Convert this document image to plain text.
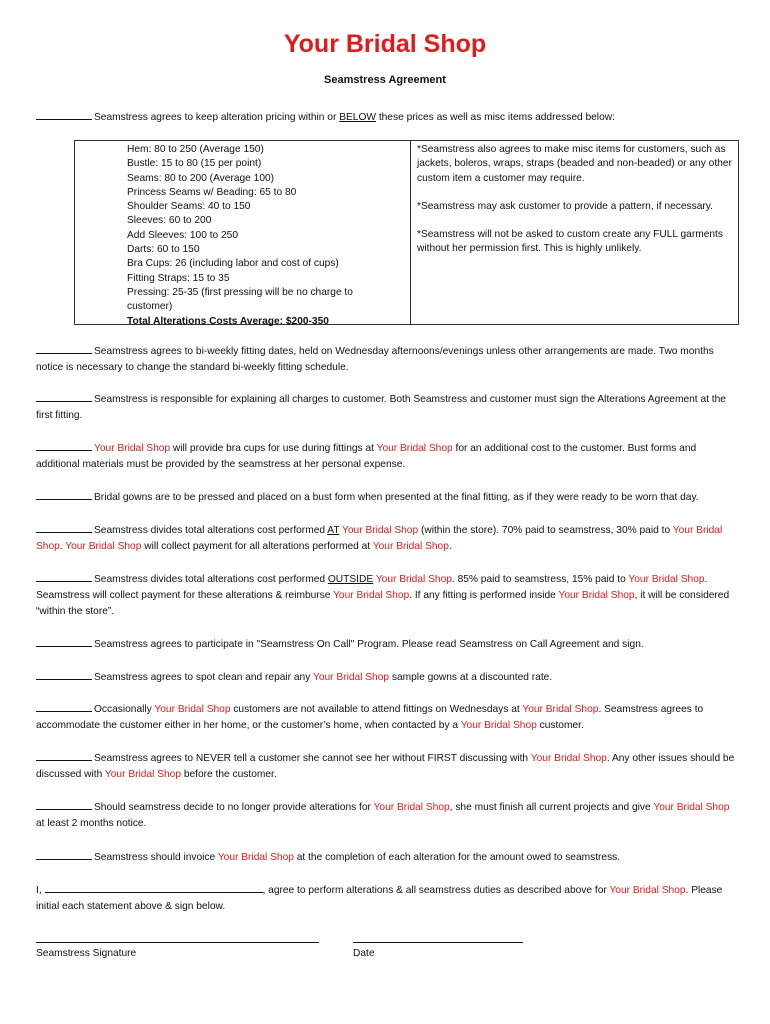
Your Bridal Shop
Seamstress Agreement
Seamstress agrees to keep alteration pricing within or BELOW these prices as well as misc items addressed below:
Hem: 80 to 250 (Average 150)
Bustle: 15 to 80 (15 per point)
Seams: 80 to 200 (Average 100)
Princess Seams w/ Beading: 65 to 80
Shoulder Seams: 40 to 150
Sleeves: 60 to 200
Add Sleeves: 100 to 250
Darts: 60 to 150
Bra Cups: 26 (including labor and cost of cups)
Fitting Straps: 15 to 35
Pressing: 25-35 (first pressing will be no charge to customer)
Total Alterations Costs Average: $200-350
*Seamstress also agrees to make misc items for customers, such as jackets, boleros, wraps, straps (beaded and non-beaded) or any other custom item a customer may require.
*Seamstress may ask customer to provide a pattern, if necessary.
*Seamstress will not be asked to custom create any FULL garments without her permission first. This is highly unlikely.
Seamstress agrees to bi-weekly fitting dates, held on Wednesday afternoons/evenings unless other arrangements are made. Two months notice is necessary to change the standard bi-weekly fitting schedule.
Seamstress is responsible for explaining all charges to customer. Both Seamstress and customer must sign the Alterations Agreement at the first fitting.
Your Bridal Shop will provide bra cups for use during fittings at Your Bridal Shop for an additional cost to the customer. Bust forms and additional materials must be provided by the seamstress at her personal expense.
Bridal gowns are to be pressed and placed on a bust form when presented at the final fitting, as if they were ready to be worn that day.
Seamstress divides total alterations cost performed AT Your Bridal Shop (within the store). 70% paid to seamstress, 30% paid to Your Bridal Shop. Your Bridal Shop will collect payment for all alterations performed at Your Bridal Shop.
Seamstress divides total alterations cost performed OUTSIDE Your Bridal Shop. 85% paid to seamstress, 15% paid to Your Bridal Shop. Seamstress will collect payment for these alterations & reimburse Your Bridal Shop. If any fitting is performed inside Your Bridal Shop, it will be considered “within the store”.
Seamstress agrees to participate in "Seamstress On Call" Program. Please read Seamstress on Call Agreement and sign.
Seamstress agrees to spot clean and repair any Your Bridal Shop sample gowns at a discounted rate.
Occasionally Your Bridal Shop customers are not available to attend fittings on Wednesdays at Your Bridal Shop. Seamstress agrees to accommodate the customer either in her home, or the customer’s home, when contacted by a Your Bridal Shop customer.
Seamstress agrees to NEVER tell a customer she cannot see her without FIRST discussing with Your Bridal Shop. Any other issues should be discussed with Your Bridal Shop before the customer.
Should seamstress decide to no longer provide alterations for Your Bridal Shop, she must finish all current projects and give Your Bridal Shop at least 2 months notice.
Seamstress should invoice Your Bridal Shop at the completion of each alteration for the amount owed to seamstress.
I,	, agree to perform alterations & all seamstress duties as described above for Your Bridal Shop. Please initial each statement above & sign below.
Seamstress Signature	Date
